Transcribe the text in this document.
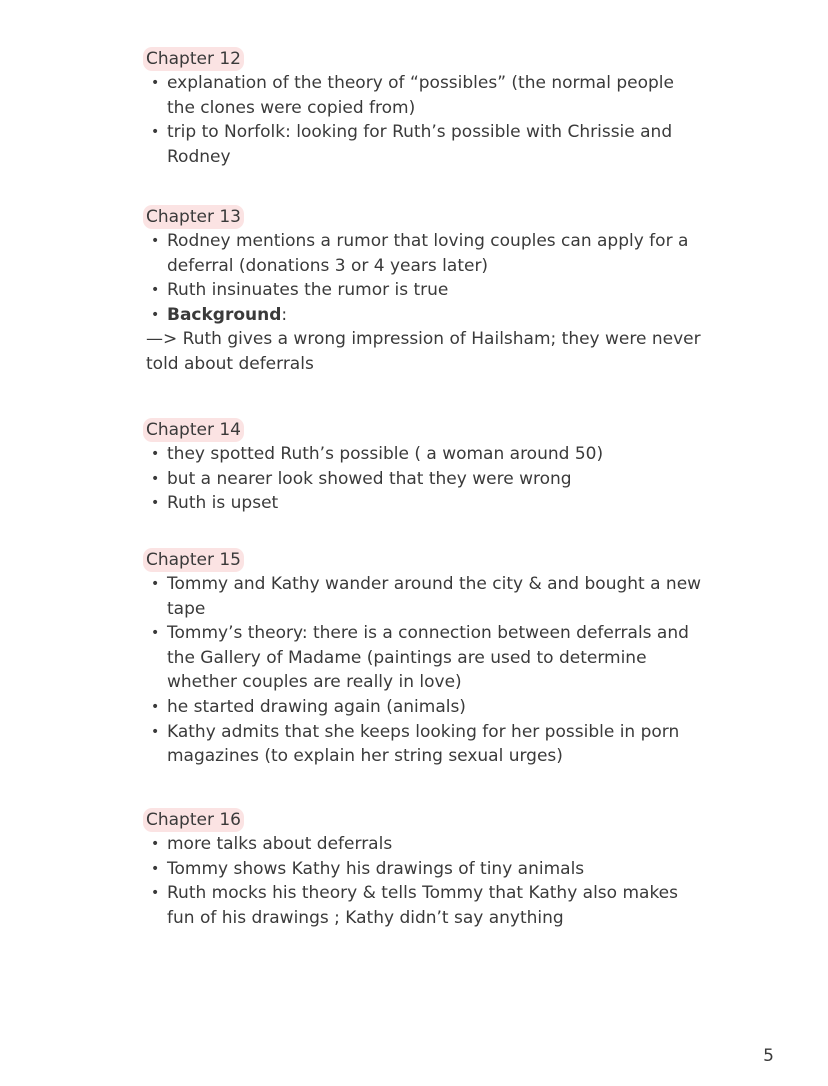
Chapter 12
• explanation of the theory of “possibles” (the normal people the clones were copied from)
• trip to Norfolk: looking for Ruth’s possible with Chrissie and Rodney
Chapter 13
• Rodney mentions a rumor that loving couples can apply for a deferral (donations 3 or 4 years later)
• Ruth insinuates the rumor is true
• Background:
—> Ruth gives a wrong impression of Hailsham; they were never told about deferrals
Chapter 14
• they spotted Ruth’s possible ( a woman around 50)
• but a nearer look showed that they were wrong
• Ruth is upset
Chapter 15
• Tommy and Kathy wander around the city & and bought a new tape
• Tommy’s theory: there is a connection between deferrals and the Gallery of Madame (paintings are used to determine whether couples are really in love)
• he started drawing again (animals)
• Kathy admits that she keeps looking for her possible in porn magazines (to explain her string sexual urges)
Chapter 16
• more talks about deferrals
• Tommy shows Kathy his drawings of tiny animals
• Ruth mocks his theory & tells Tommy that Kathy also makes fun of his drawings ; Kathy didn’t say anything
5
